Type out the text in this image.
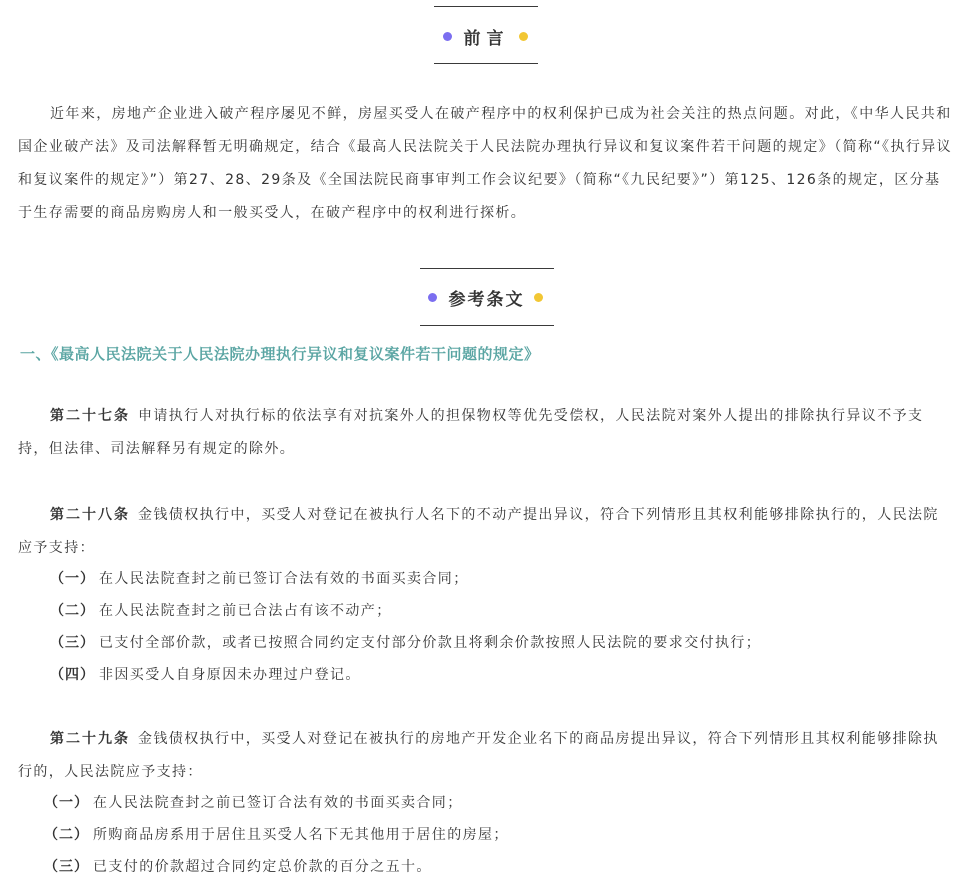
前言

近年来，房地产企业进入破产程序屡见不鲜，房屋买受人在破产程序中的权利保护已成为社会关注的热点问题。对此，《中华人民共和国企业破产法》及司法解释暂无明确规定，结合《最高人民法院关于人民法院办理执行异议和复议案件若干问题的规定》（简称“《执行异议和复议案件的规定》”）第27、28、29条及《全国法院民商事审判工作会议纪要》（简称“《九民纪要》”）第125、126条的规定，区分基于生存需要的商品房购房人和一般买受人，在破产程序中的权利进行探析。

参考条文
一、《最高人民法院关于人民法院办理执行异议和复议案件若干问题的规定》

第二十七条 申请执行人对执行标的依法享有对抗案外人的担保物权等优先受偿权，人民法院对案外人提出的排除执行异议不予支持，但法律、司法解释另有规定的除外。

第二十八条 金钱债权执行中，买受人对登记在被执行人名下的不动产提出异议，符合下列情形且其权利能够排除执行的，人民法院应予支持：

（一） 在人民法院查封之前已签订合法有效的书面买卖合同；
（二） 在人民法院查封之前已合法占有该不动产；
（三） 已支付全部价款，或者已按照合同约定支付部分价款且将剩余价款按照人民法院的要求交付执行；
（四） 非因买受人自身原因未办理过户登记。

第二十九条 金钱债权执行中，买受人对登记在被执行的房地产开发企业名下的商品房提出异议，符合下列情形且其权利能够排除执行的，人民法院应予支持：

（一） 在人民法院查封之前已签订合法有效的书面买卖合同；
（二） 所购商品房系用于居住且买受人名下无其他用于居住的房屋；
（三） 已支付的价款超过合同约定总价款的百分之五十。
